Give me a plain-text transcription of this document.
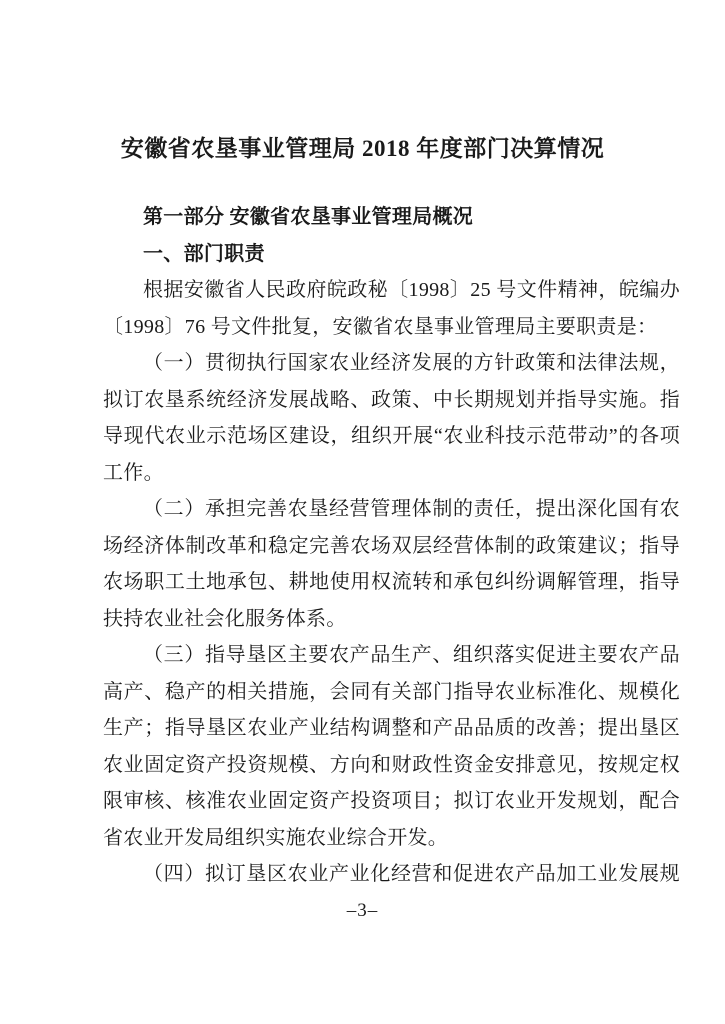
安徽省农垦事业管理局 2018 年度部门决算情况
第一部分 安徽省农垦事业管理局概况
一、部门职责
根据安徽省人民政府皖政秘〔1998〕25 号文件精神，皖编办
〔1998〕76 号文件批复，安徽省农垦事业管理局主要职责是：
（一）贯彻执行国家农业经济发展的方针政策和法律法规，
拟订农垦系统经济发展战略、政策、中长期规划并指导实施。指
导现代农业示范场区建设，组织开展“农业科技示范带动”的各项
工作。
（二）承担完善农垦经营管理体制的责任，提出深化国有农
场经济体制改革和稳定完善农场双层经营体制的政策建议；指导
农场职工土地承包、耕地使用权流转和承包纠纷调解管理，指导
扶持农业社会化服务体系。
（三）指导垦区主要农产品生产、组织落实促进主要农产品
高产、稳产的相关措施，会同有关部门指导农业标准化、规模化
生产；指导垦区农业产业结构调整和产品品质的改善；提出垦区
农业固定资产投资规模、方向和财政性资金安排意见，按规定权
限审核、核准农业固定资产投资项目；拟订农业开发规划，配合
省农业开发局组织实施农业综合开发。
（四）拟订垦区农业产业化经营和促进农产品加工业发展规
–3–
